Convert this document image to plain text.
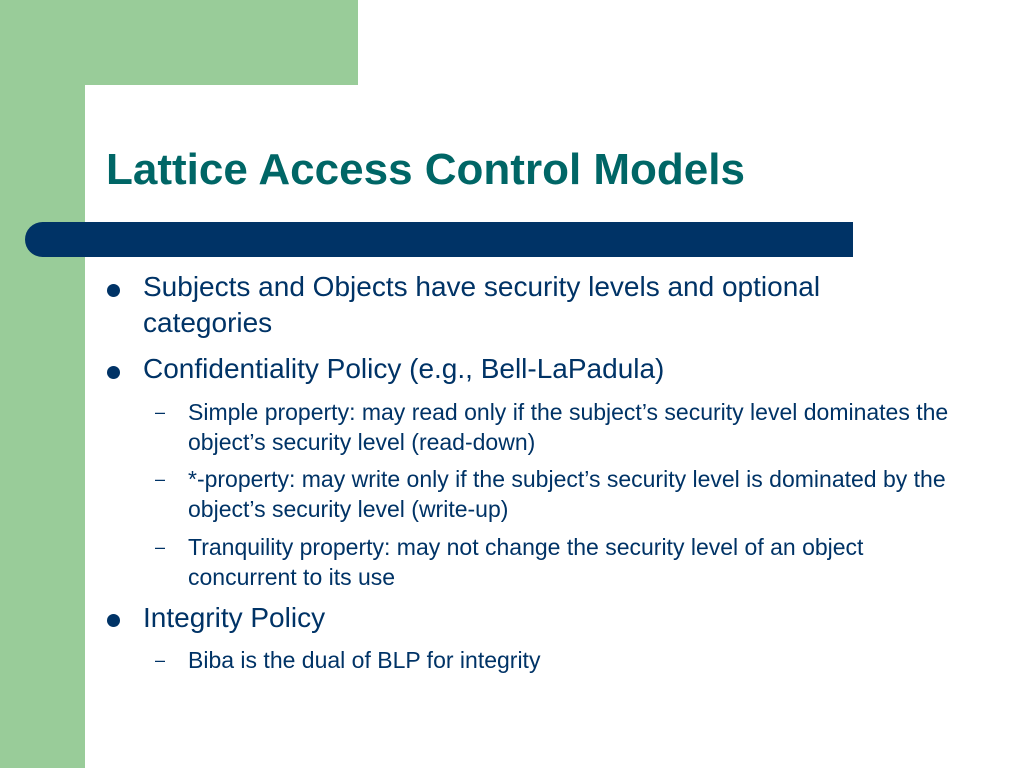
Lattice Access Control Models
Subjects and Objects have security levels and optional categories
Confidentiality Policy (e.g., Bell-LaPadula)
– Simple property: may read only if the subject’s security level dominates the object’s security level (read-down)
– *-property: may write only if the subject’s security level is dominated by the object’s security level (write-up)
– Tranquility property: may not change the security level of an object concurrent to its use
Integrity Policy
– Biba is the dual of BLP for integrity
